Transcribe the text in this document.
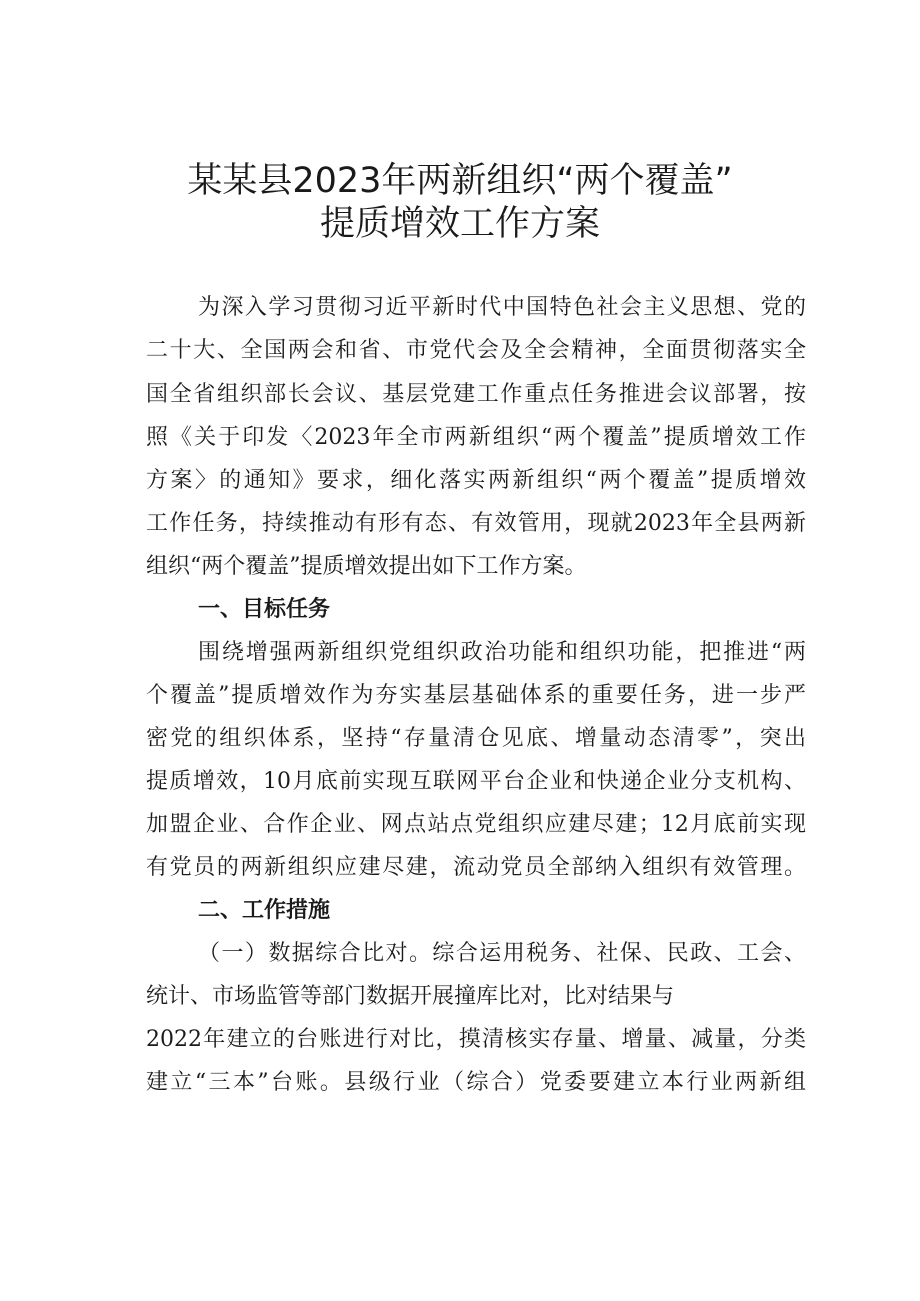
某某县2023年两新组织“两个覆盖”
提质增效工作方案
为深入学习贯彻习近平新时代中国特色社会主义思想、党的
二十大、全国两会和省、市党代会及全会精神，全面贯彻落实全
国全省组织部长会议、基层党建工作重点任务推进会议部署，按
照《关于印发〈2023年全市两新组织“两个覆盖”提质增效工作
方案〉的通知》要求，细化落实两新组织“两个覆盖”提质增效
工作任务，持续推动有形有态、有效管用，现就2023年全县两新
组织“两个覆盖”提质增效提出如下工作方案。
一、目标任务
围绕增强两新组织党组织政治功能和组织功能，把推进“两
个覆盖”提质增效作为夯实基层基础体系的重要任务，进一步严
密党的组织体系，坚持“存量清仓见底、增量动态清零”，突出
提质增效，10月底前实现互联网平台企业和快递企业分支机构、
加盟企业、合作企业、网点站点党组织应建尽建；12月底前实现
有党员的两新组织应建尽建，流动党员全部纳入组织有效管理。
二、工作措施
（一）数据综合比对。综合运用税务、社保、民政、工会、
统计、市场监管等部门数据开展撞库比对，比对结果与
2022年建立的台账进行对比，摸清核实存量、增量、减量，分类
建立“三本”台账。县级行业（综合）党委要建立本行业两新组
